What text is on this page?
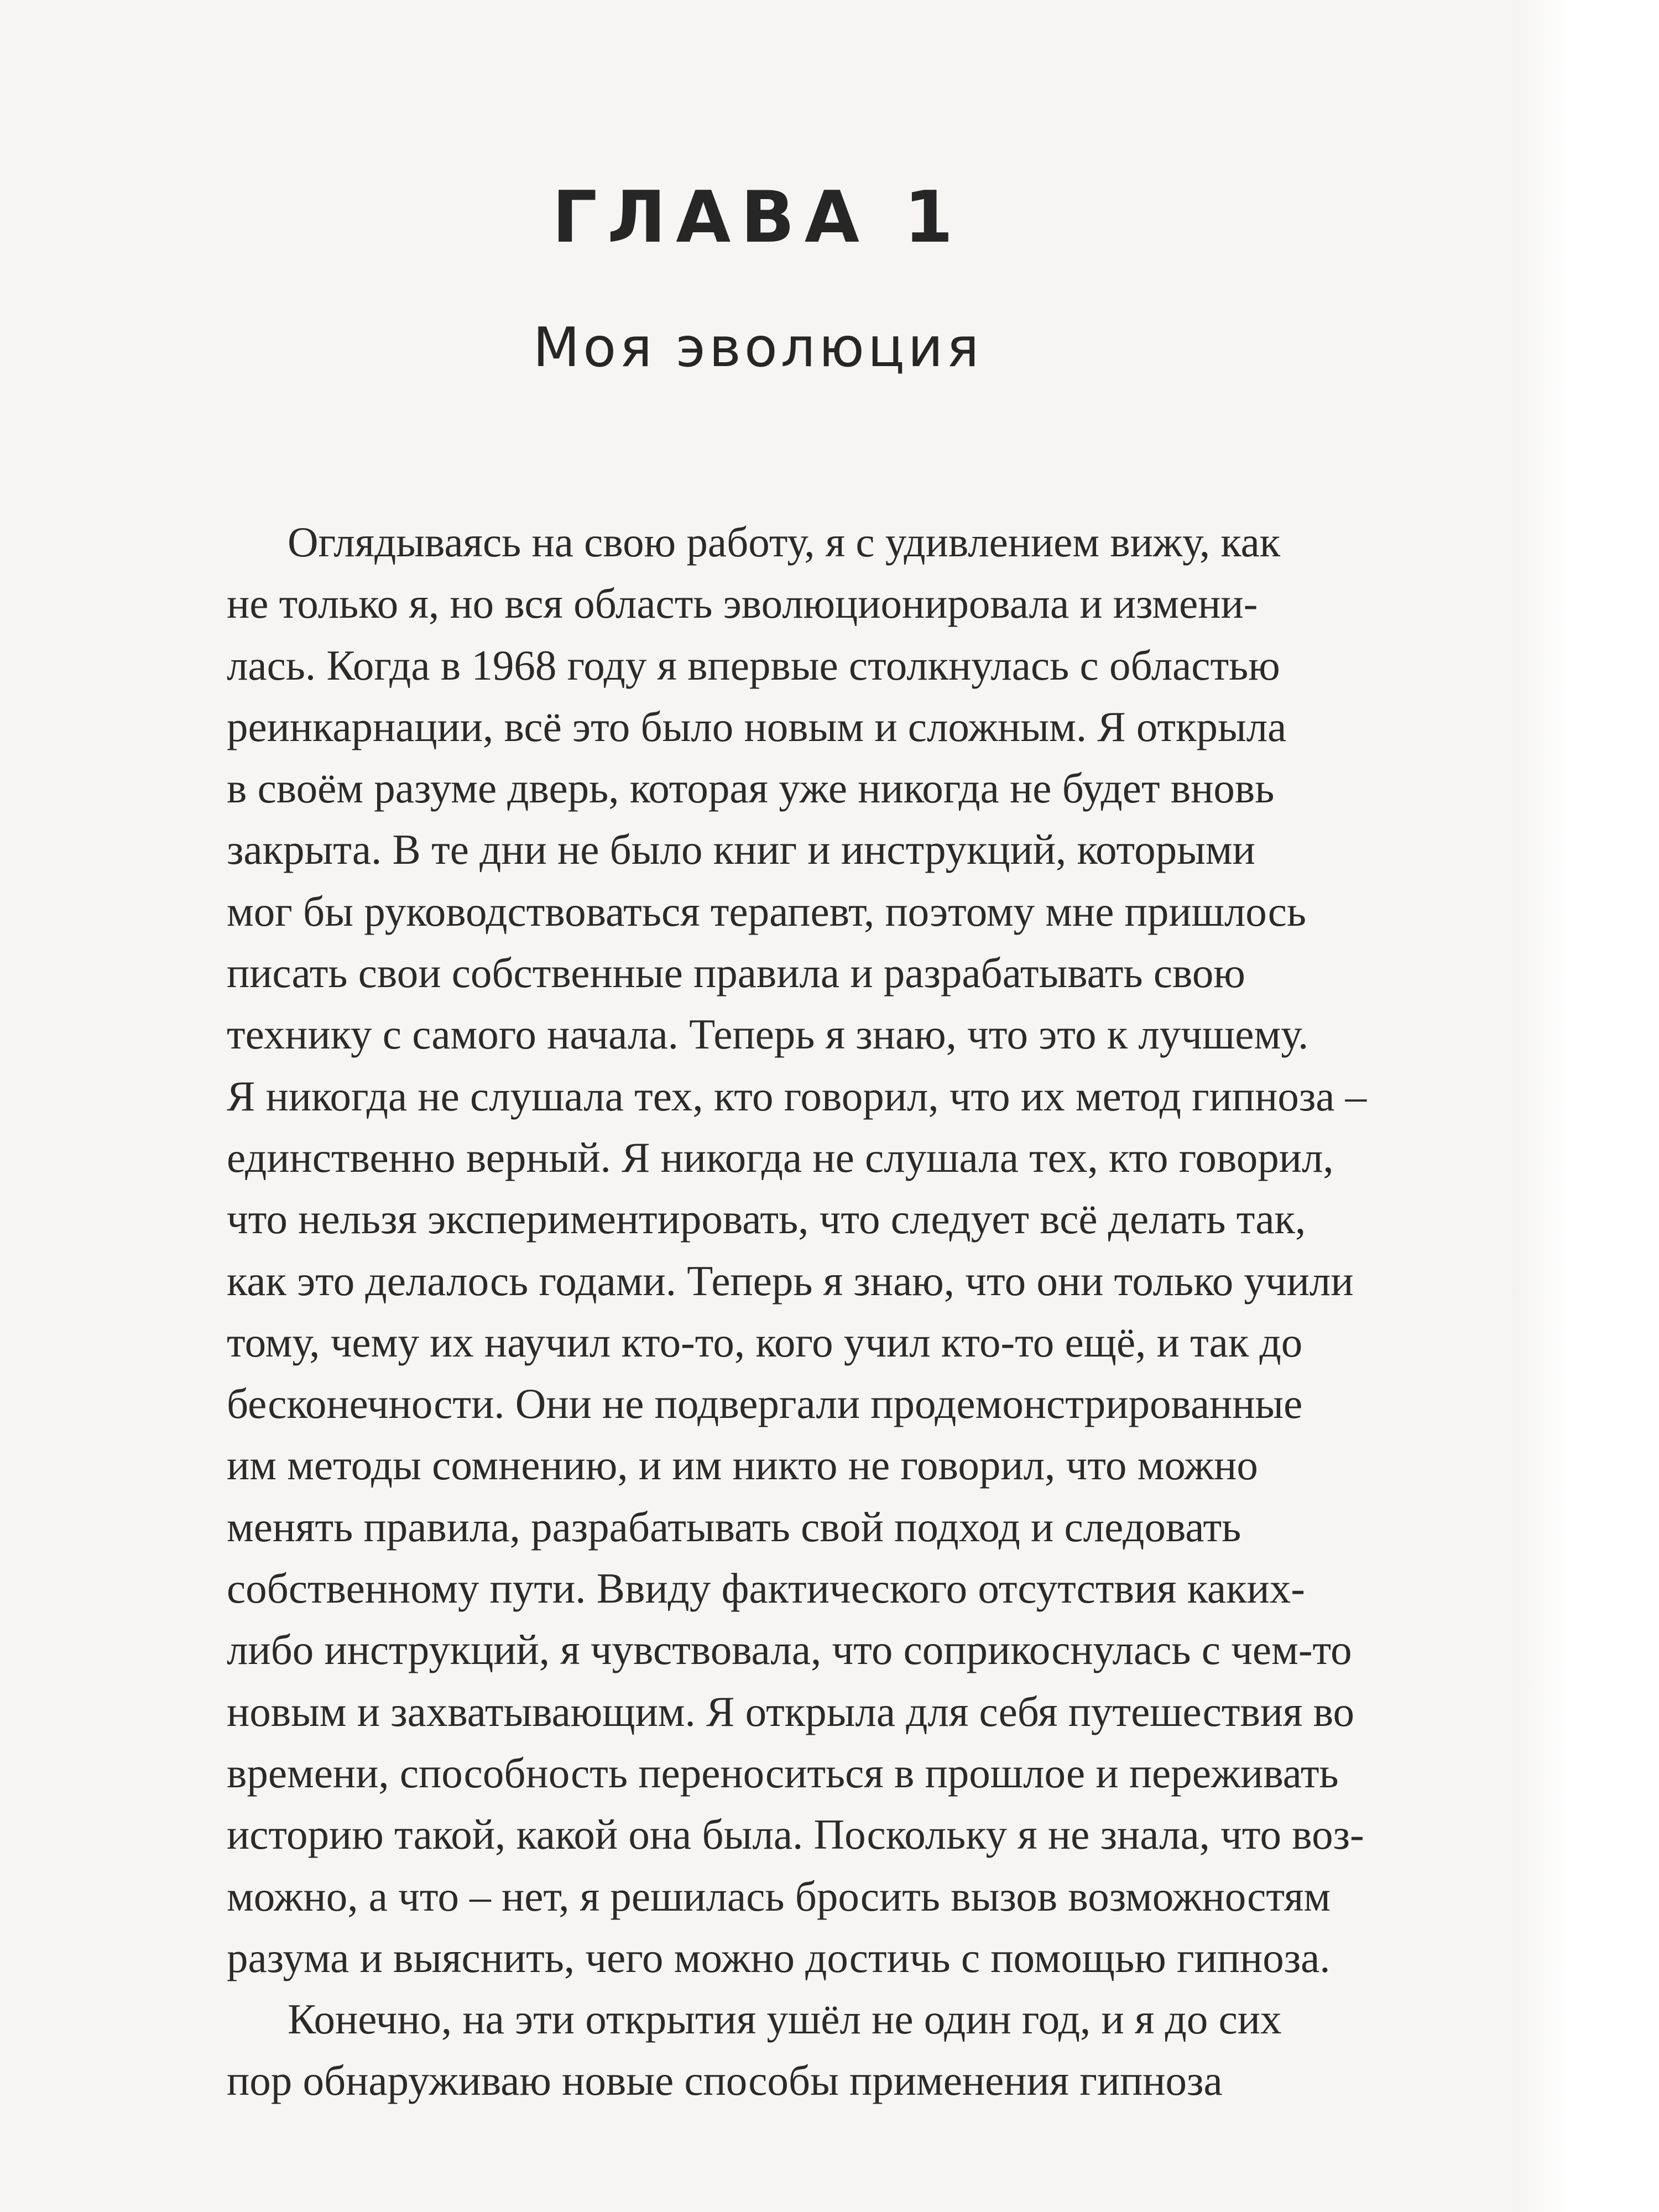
ГЛАВА 1
Моя эволюция
Оглядываясь на свою работу, я с удивлением вижу, как
не только я, но вся область эволюционировала и измени-
лась. Когда в 1968 году я впервые столкнулась с областью
реинкарнации, всё это было новым и сложным. Я открыла
в своём разуме дверь, которая уже никогда не будет вновь
закрыта. В те дни не было книг и инструкций, которыми
мог бы руководствоваться терапевт, поэтому мне пришлось
писать свои собственные правила и разрабатывать свою
технику с самого начала. Теперь я знаю, что это к лучшему.
Я никогда не слушала тех, кто говорил, что их метод гипноза –
единственно верный. Я никогда не слушала тех, кто говорил,
что нельзя экспериментировать, что следует всё делать так,
как это делалось годами. Теперь я знаю, что они только учили
тому, чему их научил кто-то, кого учил кто-то ещё, и так до
бесконечности. Они не подвергали продемонстрированные
им методы сомнению, и им никто не говорил, что можно
менять правила, разрабатывать свой подход и следовать
собственному пути. Ввиду фактического отсутствия каких-
либо инструкций, я чувствовала, что соприкоснулась с чем-то
новым и захватывающим. Я открыла для себя путешествия во
времени, способность переноситься в прошлое и переживать
историю такой, какой она была. Поскольку я не знала, что воз-
можно, а что – нет, я решилась бросить вызов возможностям
разума и выяснить, чего можно достичь с помощью гипноза.
Конечно, на эти открытия ушёл не один год, и я до сих
пор обнаруживаю новые способы применения гипноза
